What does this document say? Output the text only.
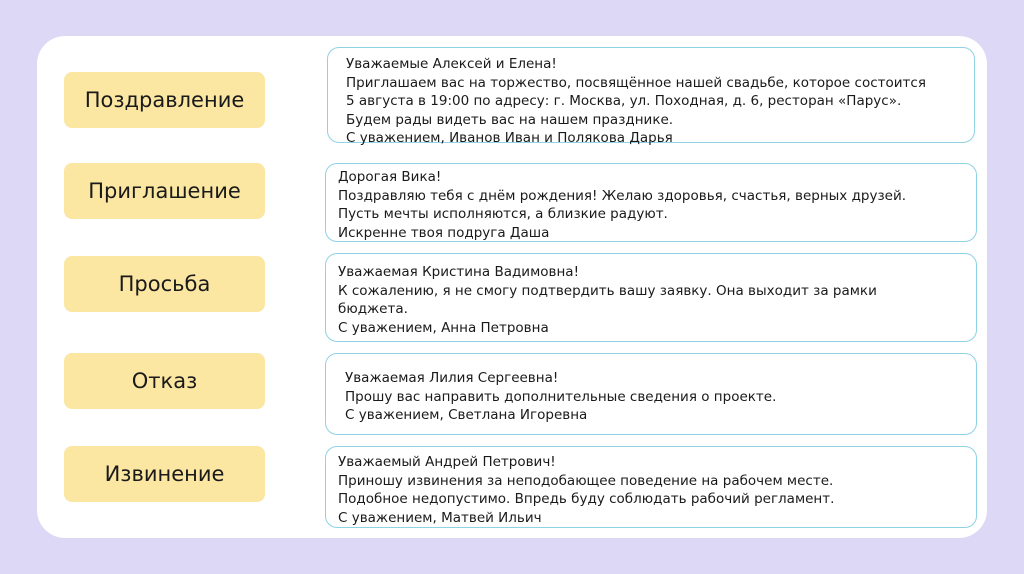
Поздравление
Приглашение
Просьба
Отказ
Извинение
Уважаемые Алексей и Елена!
Приглашаем вас на торжество, посвящённое нашей свадьбе, которое состоится
5 августа в 19:00 по адресу: г. Москва, ул. Походная, д. 6, ресторан «Парус».
Будем рады видеть вас на нашем празднике.
С уважением, Иванов Иван и Полякова Дарья
Дорогая Вика!
Поздравляю тебя с днём рождения! Желаю здоровья, счастья, верных друзей.
Пусть мечты исполняются, а близкие радуют.
Искренне твоя подруга Даша
Уважаемая Кристина Вадимовна!
К сожалению, я не смогу подтвердить вашу заявку. Она выходит за рамки
бюджета.
С уважением, Анна Петровна
Уважаемая Лилия Сергеевна!
Прошу вас направить дополнительные сведения о проекте.
С уважением, Светлана Игоревна
Уважаемый Андрей Петрович!
Приношу извинения за неподобающее поведение на рабочем месте.
Подобное недопустимо. Впредь буду соблюдать рабочий регламент.
С уважением, Матвей Ильич
